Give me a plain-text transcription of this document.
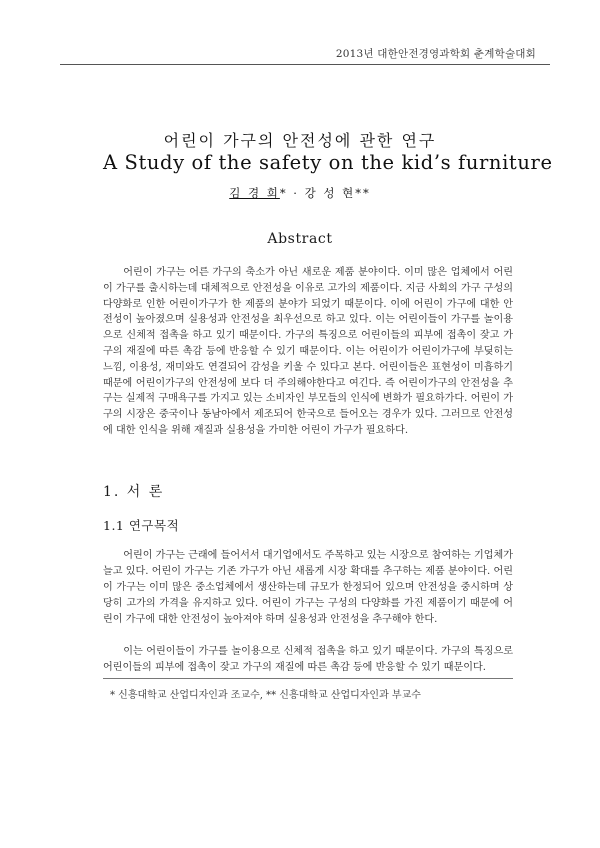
2013년 대한안전경영과학회 춘계학술대회
어린이 가구의 안전성에 관한 연구
A Study of the safety on the kid’s furniture
김 경 희* · 강 성 현**
Abstract
어린이 가구는 어른 가구의 축소가 아닌 새로운 제품 분야이다. 이미 많은 업체에서 어린이 가구를 출시하는데 대체적으로 안전성을 이유로 고가의 제품이다. 지금 사회의 가구 구성의 다양화로 인한 어린이가구가 한 제품의 분야가 되었기 때문이다. 이에 어린이 가구에 대한 안전성이 높아졌으며 실용성과 안전성을 최우선으로 하고 있다. 이는 어린이들이 가구를 놀이용으로 신체적 접촉을 하고 있기 때문이다. 가구의 특징으로 어린이들의 피부에 접촉이 잦고 가구의 재질에 따른 촉감 등에 반응할 수 있기 때문이다. 이는 어린이가 어린이가구에 부딪히는 느낌, 이용성, 재미와도 연결되어 감성을 키울 수 있다고 본다. 어린이들은 표현성이 미흡하기 때문에 어린이가구의 안전성에 보다 더 주의해야한다고 여긴다. 즉 어린이가구의 안전성을 추구는 실제적 구매욕구를 가지고 있는 소비자인 부모들의 인식에 변화가 필요하가다. 어린이 가구의 시장은 중국이나 동남아에서 제조되어 한국으로 들어오는 경우가 있다. 그러므로 안전성에 대한 인식을 위해 재질과 실용성을 가미한 어린이 가구가 필요하다.
1. 서 론
1.1 연구목적

어린이 가구는 근래에 들어서서 대기업에서도 주목하고 있는 시장으로 참여하는 기업체가 늘고 있다. 어린이 가구는 기존 가구가 아닌 새롭게 시장 확대를 추구하는 제품 분야이다. 어린이 가구는 이미 많은 중소업체에서 생산하는데 규모가 한정되어 있으며 안전성을 중시하며 상당히 고가의 가격을 유지하고 있다. 어린이 가구는 구성의 다양화를 가진 제품이기 때문에 어린이 가구에 대한 안전성이 높아져야 하며 실용성과 안전성을 추구해야 한다.

이는 어린이들이 가구를 놀이용으로 신체적 접촉을 하고 있기 때문이다. 가구의 특징으로 어린이들의 피부에 접촉이 잦고 가구의 재질에 따른 촉감 등에 반응할 수 있기 때문이다.

* 신흥대학교 산업디자인과 조교수, ** 신흥대학교 산업디자인과 부교수
